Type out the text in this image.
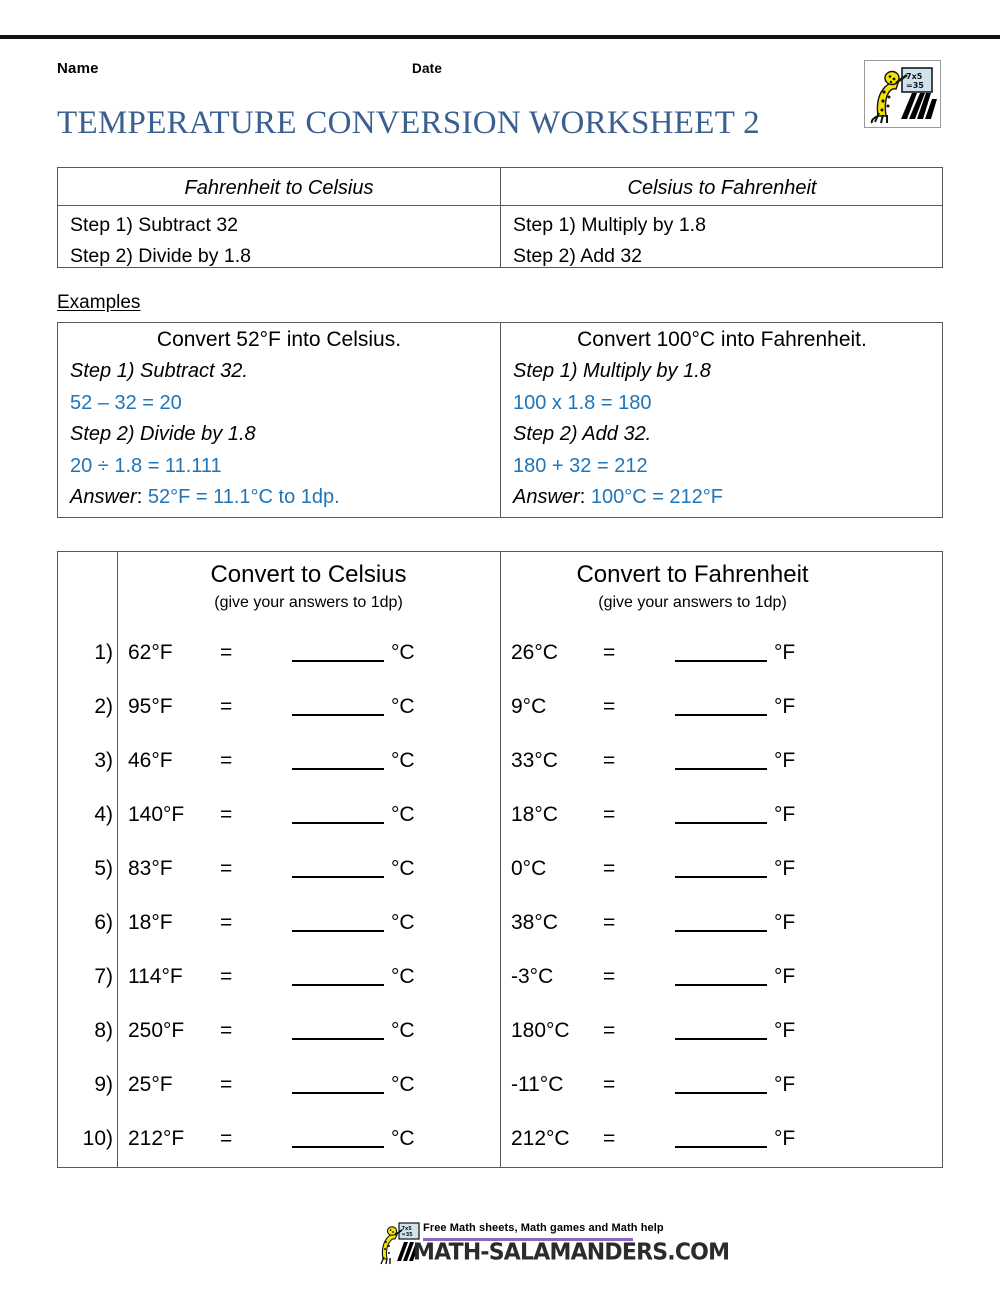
Name	Date
7x5
=35
TEMPERATURE CONVERSION WORKSHEET 2
Fahrenheit to Celsius	Celsius to Fahrenheit
Step 1) Subtract 32
Step 2) Divide by 1.8
Step 1) Multiply by 1.8
Step 2) Add 32
Examples
Convert 52°F into Celsius.
Step 1) Subtract 32.
52 – 32 = 20
Step 2) Divide by 1.8
20 ÷ 1.8 = 11.111
Answer: 52°F = 11.1°C to 1dp.
Convert 100°C into Fahrenheit.
Step 1) Multiply by 1.8
100 x 1.8 = 180
Step 2) Add 32.
180 + 32 = 212
Answer: 100°C = 212°F
Convert to Celsius
(give your answers to 1dp)
Convert to Fahrenheit
(give your answers to 1dp)
1) 62°F =	°C	26°C =	°F
2) 95°F =	°C	9°C	=	°F
3) 46°F =	°C	33°C =	°F
4) 140°F =	°C	18°C =	°F
5) 83°F =	°C	0°C	=	°F
6) 18°F =	°C	38°C =	°F
7) 114°F =	°C	-3°C =	°F
8) 250°F =	°C	180°C =	°F
9) 25°F =	°C	-11°C =	°F
10) 212°F =	°C	212°C =	°F
7x5
=35
Free Math sheets, Math games and Math help
MATH-SALAMANDERS.COM
